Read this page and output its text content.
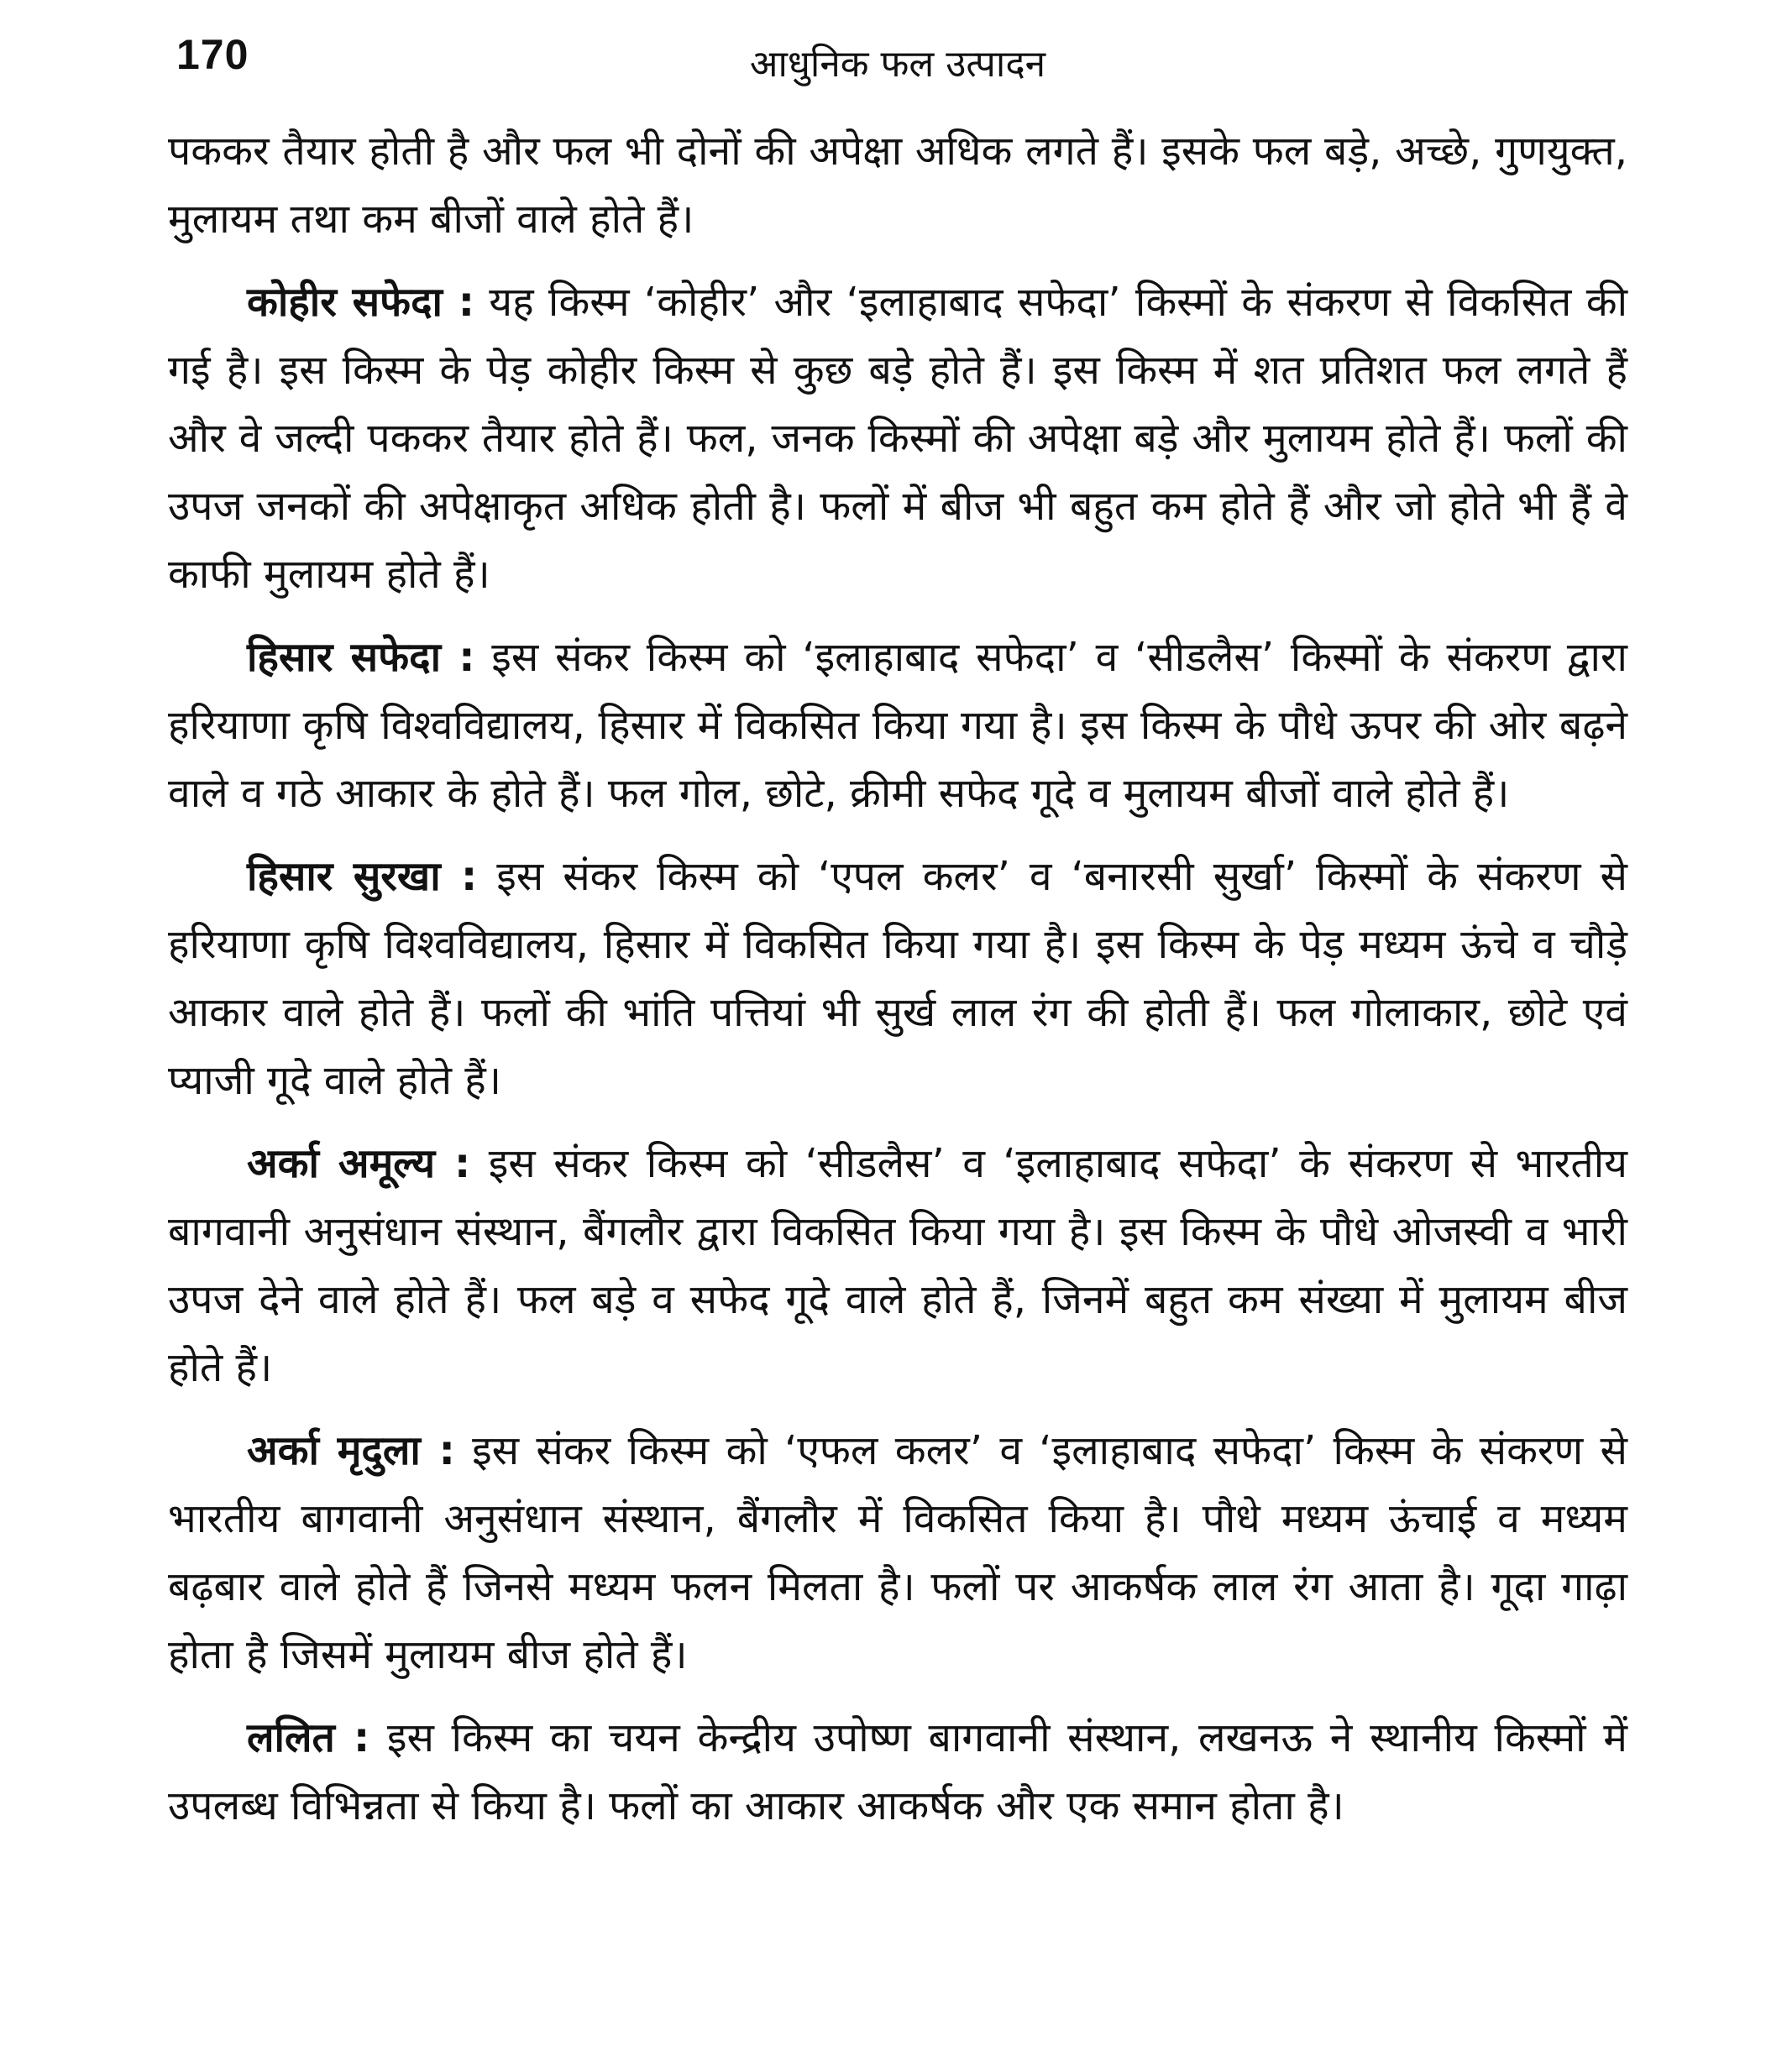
170	आधुनिक फल उत्पादन

पककर तैयार होती है और फल भी दोनों की अपेक्षा अधिक लगते हैं। इसके फल बड़े, अच्छे, गुणयुक्त, मुलायम तथा कम बीजों वाले होते हैं।

कोहीर सफेदा : यह किस्म ‘कोहीर’ और ‘इलाहाबाद सफेदा’ किस्मों के संकरण से विकसित की गई है। इस किस्म के पेड़ कोहीर किस्म से कुछ बड़े होते हैं। इस किस्म में शत प्रतिशत फल लगते हैं और वे जल्दी पककर तैयार होते हैं। फल, जनक किस्मों की अपेक्षा बड़े और मुलायम होते हैं। फलों की उपज जनकों की अपेक्षाकृत अधिक होती है। फलों में बीज भी बहुत कम होते हैं और जो होते भी हैं वे काफी मुलायम होते हैं।

हिसार सफेदा : इस संकर किस्म को ‘इलाहाबाद सफेदा’ व ‘सीडलैस’ किस्मों के संकरण द्वारा हरियाणा कृषि विश्वविद्यालय, हिसार में विकसित किया गया है। इस किस्म के पौधे ऊपर की ओर बढ़ने वाले व गठे आकार के होते हैं। फल गोल, छोटे, क्रीमी सफेद गूदे व मुलायम बीजों वाले होते हैं।

हिसार सुरखा : इस संकर किस्म को ‘एपल कलर’ व ‘बनारसी सुर्खा’ किस्मों के संकरण से हरियाणा कृषि विश्वविद्यालय, हिसार में विकसित किया गया है। इस किस्म के पेड़ मध्यम ऊंचे व चौड़े आकार वाले होते हैं। फलों की भांति पत्तियां भी सुर्ख लाल रंग की होती हैं। फल गोलाकार, छोटे एवं प्याजी गूदे वाले होते हैं।

अर्का अमूल्य : इस संकर किस्म को ‘सीडलैस’ व ‘इलाहाबाद सफेदा’ के संकरण से भारतीय बागवानी अनुसंधान संस्थान, बैंगलौर द्वारा विकसित किया गया है। इस किस्म के पौधे ओजस्वी व भारी उपज देने वाले होते हैं। फल बड़े व सफेद गूदे वाले होते हैं, जिनमें बहुत कम संख्या में मुलायम बीज होते हैं।

अर्का मृदुला : इस संकर किस्म को ‘एफल कलर’ व ‘इलाहाबाद सफेदा’ किस्म के संकरण से भारतीय बागवानी अनुसंधान संस्थान, बैंगलौर में विकसित किया है। पौधे मध्यम ऊंचाई व मध्यम बढ़बार वाले होते हैं जिनसे मध्यम फलन मिलता है। फलों पर आकर्षक लाल रंग आता है। गूदा गाढ़ा होता है जिसमें मुलायम बीज होते हैं।

ललित : इस किस्म का चयन केन्द्रीय उपोष्ण बागवानी संस्थान, लखनऊ ने स्थानीय किस्मों में उपलब्ध विभिन्नता से किया है। फलों का आकार आकर्षक और एक समान होता है।
